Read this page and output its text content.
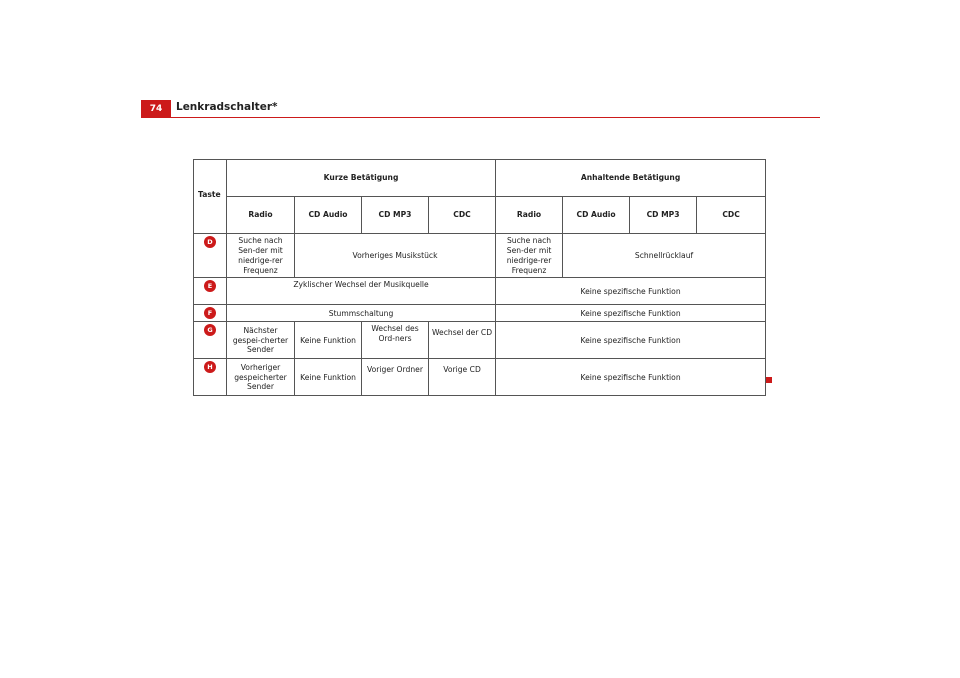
74	Lenkradschalter*
Taste	Kurze Betätigung				Anhaltende Betätigung			
	Radio	CD Audio	CD MP3	CDC	Radio	CD Audio	CD MP3	CDC
D	Suche nach Sen-der mit niedrige-rer Frequenz	Vorheriges Musikstück			Suche nach Sen-der mit niedrige-rer Frequenz	Schnellrücklauf		
E	Zyklischer Wechsel der Musikquelle				Keine spezifische Funktion			
F	Stummschaltung				Keine spezifische Funktion			
G	Nächster gespei-cherter Sender	Keine Funktion	Wechsel des Ord-ners	Wechsel der CD	Keine spezifische Funktion			
H	Vorheriger gespeicherter Sender	Keine Funktion	Voriger Ordner	Vorige CD	Keine spezifische Funktion			
